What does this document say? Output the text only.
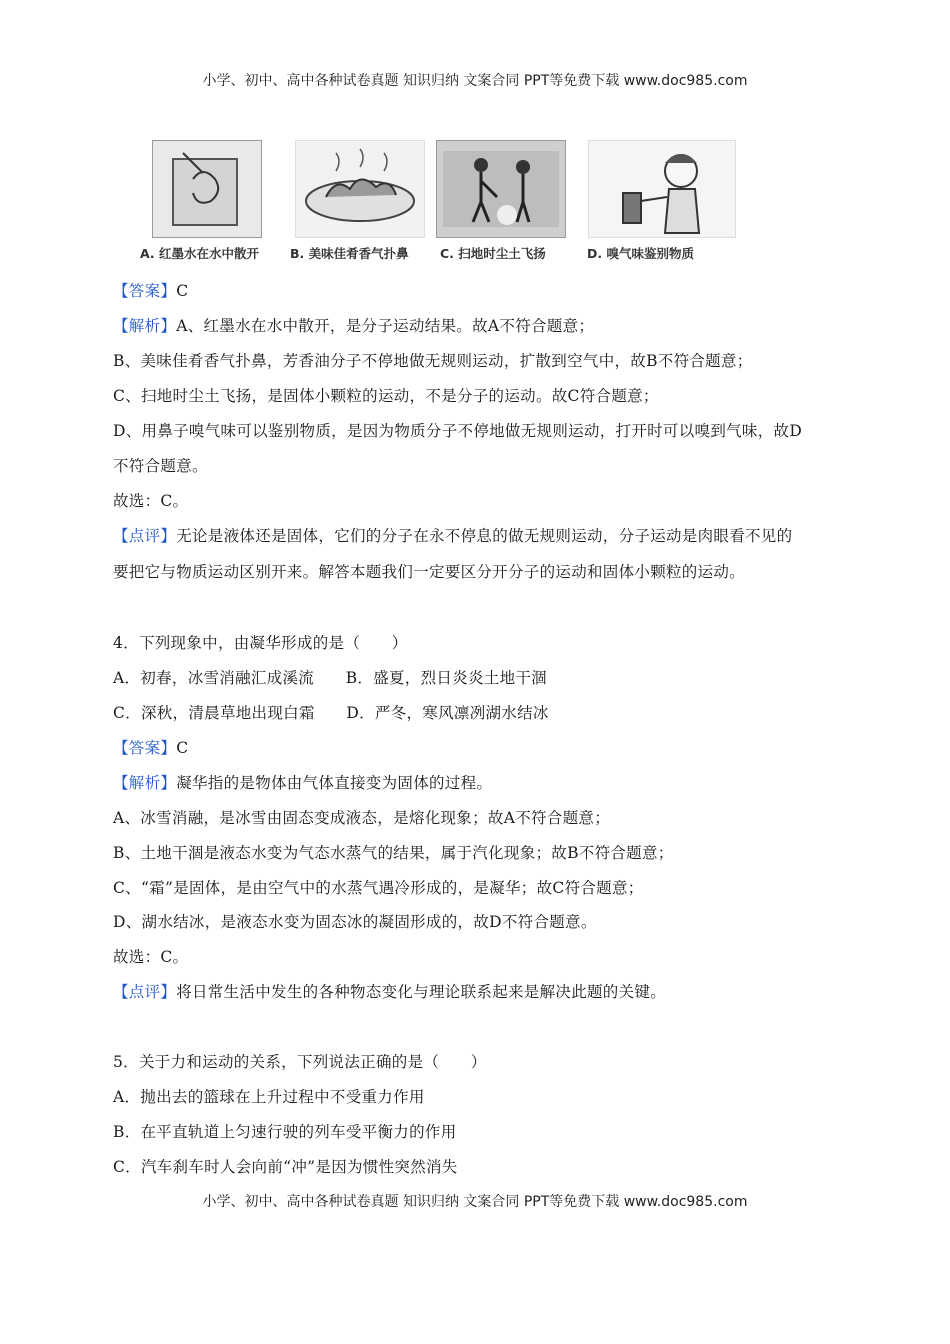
小学、初中、高中各种试卷真题 知识归纳 文案合同 PPT等免费下载 www.doc985.com
A. 红墨水在水中散开 B. 美味佳肴香气扑鼻	C. 扫地时尘土飞扬	D. 嗅气味鉴别物质
【答案】C
【解析】A、红墨水在水中散开，是分子运动结果。故A不符合题意；
B、美味佳肴香气扑鼻，芳香油分子不停地做无规则运动，扩散到空气中，故B不符合题意；
C、扫地时尘土飞扬，是固体小颗粒的运动，不是分子的运动。故C符合题意；
D、用鼻子嗅气味可以鉴别物质，是因为物质分子不停地做无规则运动，打开时可以嗅到气味，故D
不符合题意。
故选：C。
【点评】无论是液体还是固体，它们的分子在永不停息的做无规则运动，分子运动是肉眼看不见的
要把它与物质运动区别开来。解答本题我们一定要区分开分子的运动和固体小颗粒的运动。
4．下列现象中，由凝华形成的是（　　）
A．初春，冰雪消融汇成溪流　　B．盛夏，烈日炎炎土地干涸
C．深秋，清晨草地出现白霜　　D．严冬，寒风凛冽湖水结冰
【答案】C
【解析】凝华指的是物体由气体直接变为固体的过程。
A、冰雪消融，是冰雪由固态变成液态，是熔化现象；故A不符合题意；
B、土地干涸是液态水变为气态水蒸气的结果，属于汽化现象；故B不符合题意；
C、“霜”是固体，是由空气中的水蒸气遇冷形成的，是凝华；故C符合题意；
D、湖水结冰，是液态水变为固态冰的凝固形成的，故D不符合题意。
故选：C。
【点评】将日常生活中发生的各种物态变化与理论联系起来是解决此题的关键。
5．关于力和运动的关系，下列说法正确的是（　　）
A．抛出去的篮球在上升过程中不受重力作用
B．在平直轨道上匀速行驶的列车受平衡力的作用
C．汽车刹车时人会向前“冲”是因为惯性突然消失
小学、初中、高中各种试卷真题 知识归纳 文案合同 PPT等免费下载 www.doc985.com
